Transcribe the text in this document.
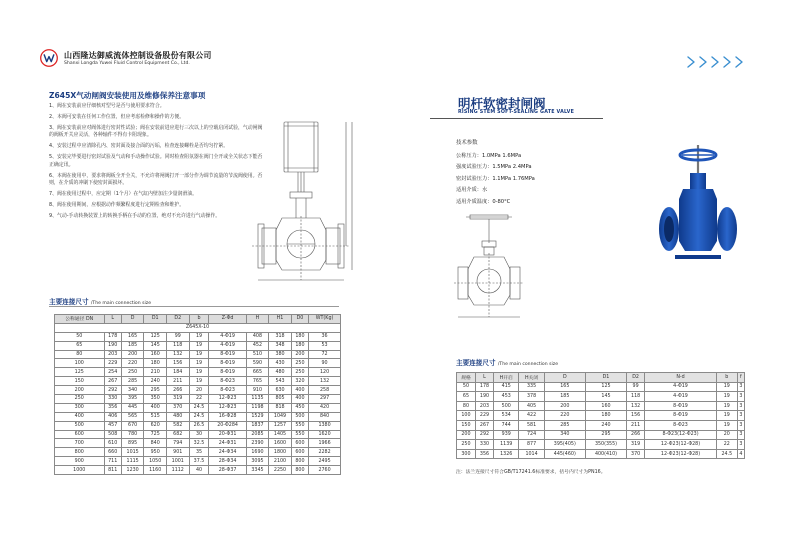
山西隆达御威流体控制设备股份有限公司
Shanxi Longda Yuwei Fluid Control Equipment Co., Ltd.
Z645X气动闸阀安装使用及维修保养注意事项

1、阀在安装前应仔细核对型号是否与使用要求符合。

2、本阀可安装在任何工作位置，但应考虑检修和操作的方便。

3、阀在安装前应对阀体进行密封性试验；阀在安装前进应进行三次以上的空载启闭试验，气动闸阀的阀板开关应灵活，各种轴件不得有卡阻现象。

4、安装过程中应清除孔内、密封面及接合面的污垢，检查连接螺栓是否均匀拧紧。

5、安装完毕要进行密封试验及气动和手动操作试验。同时检查阻氛器在阀门全开或全关状态下能否正确定讯。

6、本阀在使用中，要求将阀板全开全关，不允许将闸阀打开一部分作为调节流量的节流阀使用。否则，在介质的冲刷下使密封面损坏。

7、阀在使用过程中，应定期（1个月）在气缸内壁加注少量润滑油。

8、阀在使用期间，应根据动作频繁程度进行定期检查和维护。

9、气动-手动转换装置上的转换手柄在手动的位置，绝对不允许进行气动操作。

主要连接尺寸 /The main connection size
公称通径 DN	L	D	D1	D2	b	Z-Φd	H	H1	D0	WT(Kg)
Z645X-10										
50	178	165	125	99	19	4-Φ19	408	318	180	36
65	190	185	145	118	19	4-Φ19	452	348	180	53
80	203	200	160	132	19	8-Φ19	510	380	200	72
100	229	220	180	156	19	8-Φ19	590	430	250	90
125	254	250	210	184	19	8-Φ19	665	480	250	120
150	267	285	240	211	19	8-Φ23	765	543	320	132
200	292	340	295	266	20	8-Φ23	910	630	400	258
250	330	395	350	319	22	12-Φ23	1135	805	400	297
300	356	445	400	370	24.5	12-Φ23	1198	818	450	420
400	406	565	515	480	24.5	16-Φ28	1529	1049	500	840
500	457	670	620	582	26.5	20-Φ284	1837	1257	550	1380
600	508	780	725	682	30	20-Φ31	2085	1405	550	1620
700	610	895	840	794	32.5	24-Φ31	2390	1600	600	1966
800	660	1015	950	901	35	24-Φ34	1690	1800	600	2282
900	711	1115	1050	1001	37.5	28-Φ34	3095	2100	800	2495
1000	811	1230	1160	1112	40	28-Φ37	3345	2250	800	2760
明杆软密封闸阀
RISING STEM SOFT-SEALING GATE VALVE
技术参数
公称压力：1.0MPa 1.6MPa
强度试验压力：1.5MPa 2.4MPa
密封试验压力：1.1MPa 1.76MPa
适用介质：水
适用介质温度：0-80°C
主要连接尺寸 /The main connection size
规格	L	H开启	H关闭	D	D1	D2	N-d	b	f
50	178	415	335	165	125	99	4-Φ19	19	3
65	190	453	378	185	145	118	4-Φ19	19	3
80	203	500	405	200	160	132	8-Φ19	19	3
100	229	534	422	220	180	156	8-Φ19	19	3
150	267	744	581	285	240	211	8-Φ23	19	3
200	292	939	724	340	295	266	8-Φ23(12-Φ23)	20	3
250	330	1139	877	395(405)	350(355)	319	12-Φ23(12-Φ28)	22	3
300	356	1326	1014	445(460)	400(410)	370	12-Φ23(12-Φ28)	24.5	4
注：法兰连接尺寸符合GB/T17241.6标准要求，括号内尺寸为PN16。
